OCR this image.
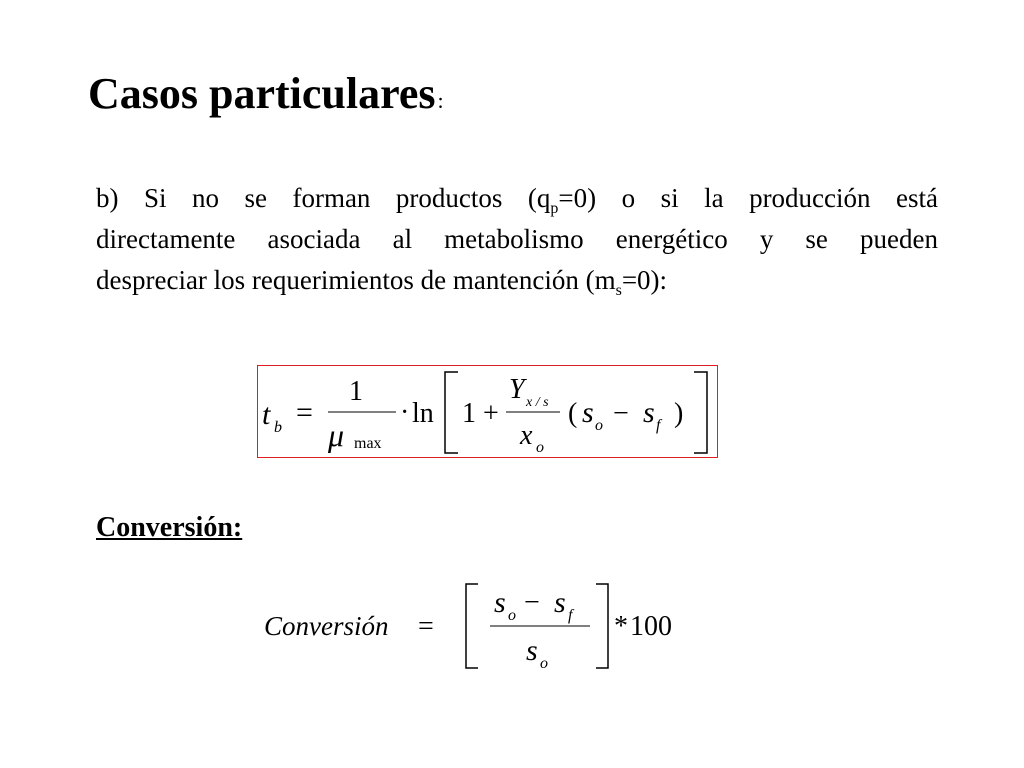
Casos particulares:
b) Si no se forman productos $(q_p=0)$ o si la producción está
directamente asociada al metabolismo energético y se pueden
despreciar los requerimientos de mantención $(m_s=0)$:
t b =
1
μ max
· ln 1 +
Y x / s
x o
( s o − s f )
Conversión:
Conversión =
s o − s f
s o
* 100
